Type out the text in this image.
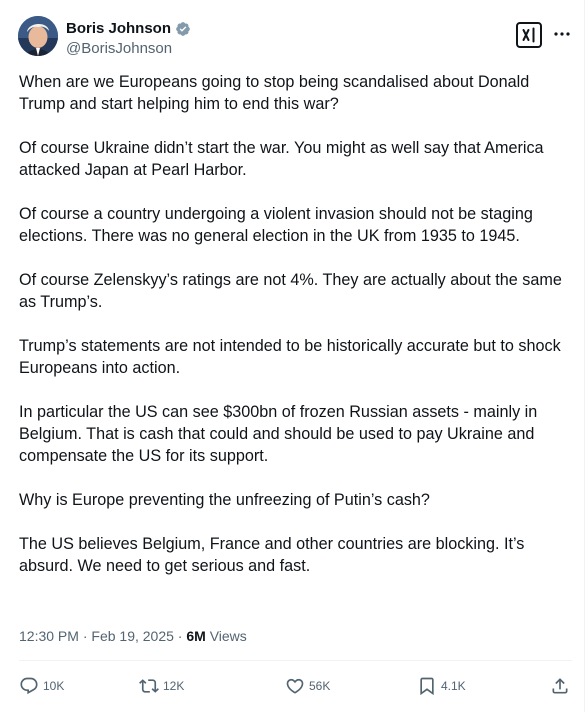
Boris Johnson
@BorisJohnson

When are we Europeans going to stop being scandalised about Donald Trump and start helping him to end this war?

Of course Ukraine didn’t start the war. You might as well say that America attacked Japan at Pearl Harbor.

Of course a country undergoing a violent invasion should not be staging elections. There was no general election in the UK from 1935 to 1945.

Of course Zelenskyy’s ratings are not 4%. They are actually about the same as Trump’s.

Trump’s statements are not intended to be historically accurate but to shock Europeans into action.

In particular the US can see $300bn of frozen Russian assets - mainly in Belgium. That is cash that could and should be used to pay Ukraine and compensate the US for its support.

Why is Europe preventing the unfreezing of Putin’s cash?

The US believes Belgium, France and other countries are blocking. It’s absurd. We need to get serious and fast.

12:30 PM · Feb 19, 2025 · 6M Views
10K	12K	56K	4.1K
